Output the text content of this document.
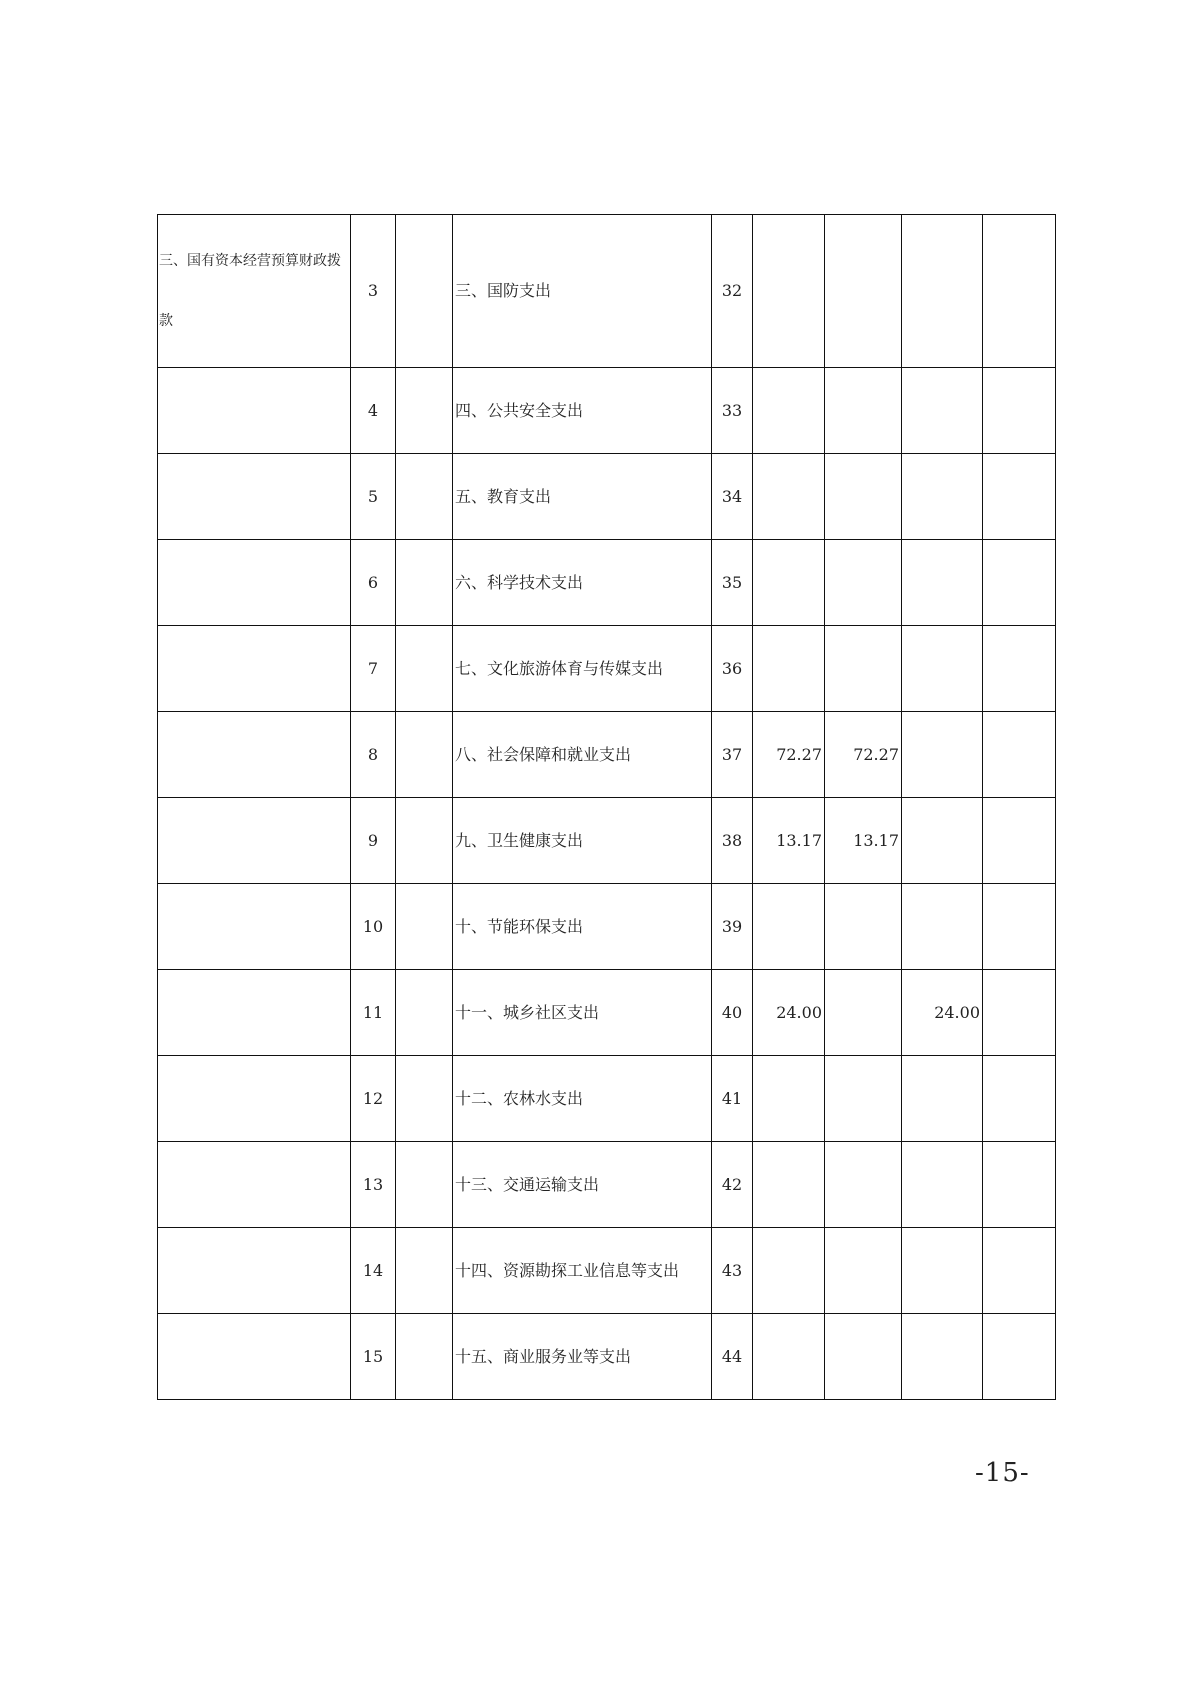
三、国有资本经营预算财政拨款	3		三、国防支出	32				
	4		四、公共安全支出	33				
	5		五、教育支出	34				
	6		六、科学技术支出	35				
	7		七、文化旅游体育与传媒支出	36				
	8		八、社会保障和就业支出	37	72.27	72.27		
	9		九、卫生健康支出	38	13.17	13.17		
	10		十、节能环保支出	39				
	11		十一、城乡社区支出	40	24.00		24.00	
	12		十二、农林水支出	41				
	13		十三、交通运输支出	42				
	14		十四、资源勘探工业信息等支出	43				
	15		十五、商业服务业等支出	44				
-15-
